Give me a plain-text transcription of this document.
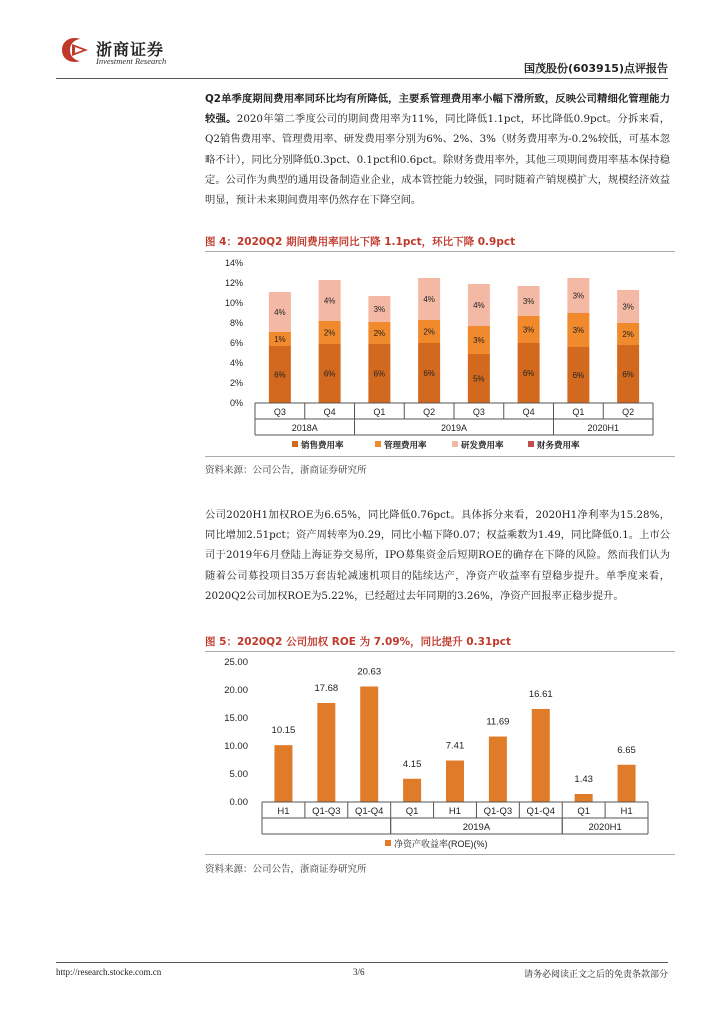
浙商证券
Investment Research
国茂股份(603915)点评报告

Q2单季度期间费用率同环比均有所降低，主要系管理费用率小幅下滑所致，反映公司精细化管理能力较强。2020年第二季度公司的期间费用率为11%，同比降低1.1pct，环比降低0.9pct。分拆来看，Q2销售费用率、管理费用率、研发费用率分别为6%、2%、3%（财务费用率为-0.2%较低，可基本忽略不计），同比分别降低0.3pct、0.1pct和0.6pct。除财务费用率外，其他三项期间费用率基本保持稳定。公司作为典型的通用设备制造业企业，成本管控能力较强，同时随着产销规模扩大，规模经济效益明显，预计未来期间费用率仍然存在下降空间。

图 4：2020Q2 期间费用率同比下降 1.1pct，环比下降 0.9pct
0%
2%
4%
6%
8%
10%
12%
14%
6%
1%
4%
Q3
6%
2%
4%
Q4
6%
2%
3%
Q1
6%
2%
4%
Q2
5%
3%
4%
Q3
6%
3%
3%
Q4
6%
3%
3%
Q1
6%
2%
3%
Q2
2018A	2019A	2020H1
销售费用率	管理费用率	研发费用率	财务费用率
资料来源：公司公告，浙商证券研究所

公司2020H1加权ROE为6.65%，同比降低0.76pct。具体拆分来看，2020H1净利率为15.28%，同比增加2.51pct；资产周转率为0.29，同比小幅下降0.07；权益乘数为1.49，同比降低0.1。上市公司于2019年6月登陆上海证券交易所，IPO募集资金后短期ROE的确存在下降的风险。然而我们认为随着公司募投项目35万套齿轮减速机项目的陆续达产，净资产收益率有望稳步提升。单季度来看，2020Q2公司加权ROE为5.22%，已经超过去年同期的3.26%，净资产回报率正稳步提升。

图 5：2020Q2 公司加权 ROE 为 7.09%，同比提升 0.31pct
0.00
5.00
10.00
15.00
20.00
25.00
10.15
H1
17.68
Q1-Q3
20.63
Q1-Q4
4.15
Q1
7.41
H1
11.69
Q1-Q3
16.61
Q1-Q4
1.43
Q1
6.65
H1
2019A	2020H1
净资产收益率(ROE)(%)
资料来源：公司公告，浙商证券研究所
http://research.stocke.com.cn	3/6	请务必阅读正文之后的免责条款部分
